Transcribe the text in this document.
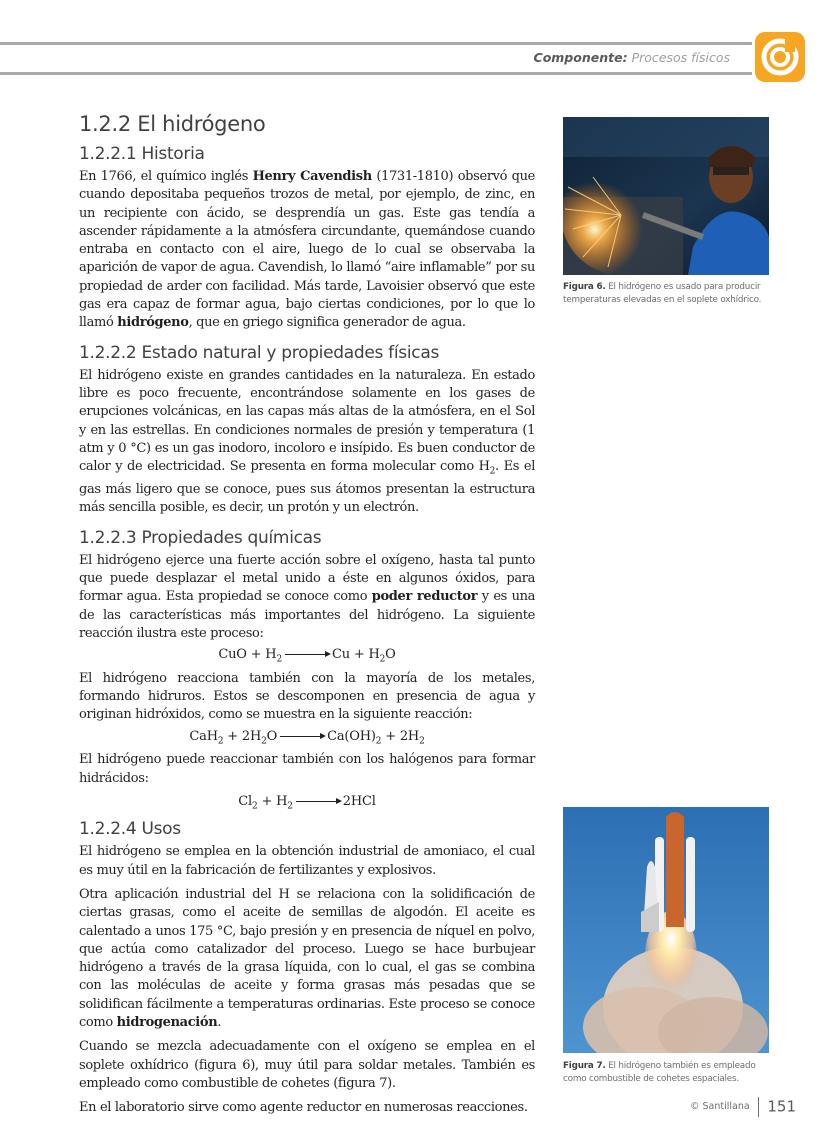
Componente: Procesos físicos
1.2.2 El hidrógeno
1.2.2.1 Historia

En 1766, el químico inglés Henry Cavendish (1731-1810) observó que cuando depositaba pequeños trozos de metal, por ejemplo, de zinc, en un recipiente con ácido, se desprendía un gas. Este gas tendía a ascender rápidamente a la atmósfera circundante, quemándose cuando entraba en contacto con el aire, luego de lo cual se observaba la aparición de vapor de agua. Cavendish, lo llamó “aire inflamable” por su propiedad de arder con facilidad. Más tarde, Lavoisier observó que este gas era capaz de formar agua, bajo ciertas condiciones, por lo que lo llamó hidrógeno, que en griego significa generador de agua.

1.2.2.2 Estado natural y propiedades físicas

El hidrógeno existe en grandes cantidades en la naturaleza. En estado libre es poco frecuente, encontrándose solamente en los gases de erupciones volcánicas, en las capas más altas de la atmósfera, en el Sol y en las estrellas. En condiciones normales de presión y temperatura (1 atm y 0 °C) es un gas inodoro, incoloro e insípido. Es buen conductor de calor y de electricidad. Se presenta en forma molecular como $H_2$. Es el gas más ligero que se conoce, pues sus átomos presentan la estructura más sencilla posible, es decir, un protón y un electrón.

1.2.2.3 Propiedades químicas

El hidrógeno ejerce una fuerte acción sobre el oxígeno, hasta tal punto que puede desplazar el metal unido a éste en algunos óxidos, para formar agua. Esta propiedad se conoce como poder reductor y es una de las características más importantes del hidrógeno. La siguiente reacción ilustra este proceso:

CuO + $H_2 \to Cu + H_2O$

El hidrógeno reacciona también con la mayoría de los metales, formando hidruros. Estos se descomponen en presencia de agua y originan hidróxidos, como se muestra en la siguiente reacción:

$CaH_2 + 2H_2O \to Ca(OH)_2 + 2H_2$

El hidrógeno puede reaccionar también con los halógenos para formar hidrácidos:

$Cl_2 + H_2 \to 2HCl$
1.2.2.4 Usos

El hidrógeno se emplea en la obtención industrial de amoniaco, el cual es muy útil en la fabricación de fertilizantes y explosivos.

Otra aplicación industrial del H se relaciona con la solidificación de ciertas grasas, como el aceite de semillas de algodón. El aceite es calentado a unos 175 °C, bajo presión y en presencia de níquel en polvo, que actúa como catalizador del proceso. Luego se hace burbujear hidrógeno a través de la grasa líquida, con lo cual, el gas se combina con las moléculas de aceite y forma grasas más pesadas que se solidifican fácilmente a temperaturas ordinarias. Este proceso se conoce como hidrogenación.

Cuando se mezcla adecuadamente con el oxígeno se emplea en el soplete oxhídrico (figura 6), muy útil para soldar metales. También es empleado como combustible de cohetes (figura 7).

En el laboratorio sirve como agente reductor en numerosas reacciones.

Figura 6. El hidrógeno es usado para producir temperaturas elevadas en el soplete oxhídrico.
Figura 7. El hidrógeno también es empleado como combustible de cohetes espaciales.
© Santillana 151
